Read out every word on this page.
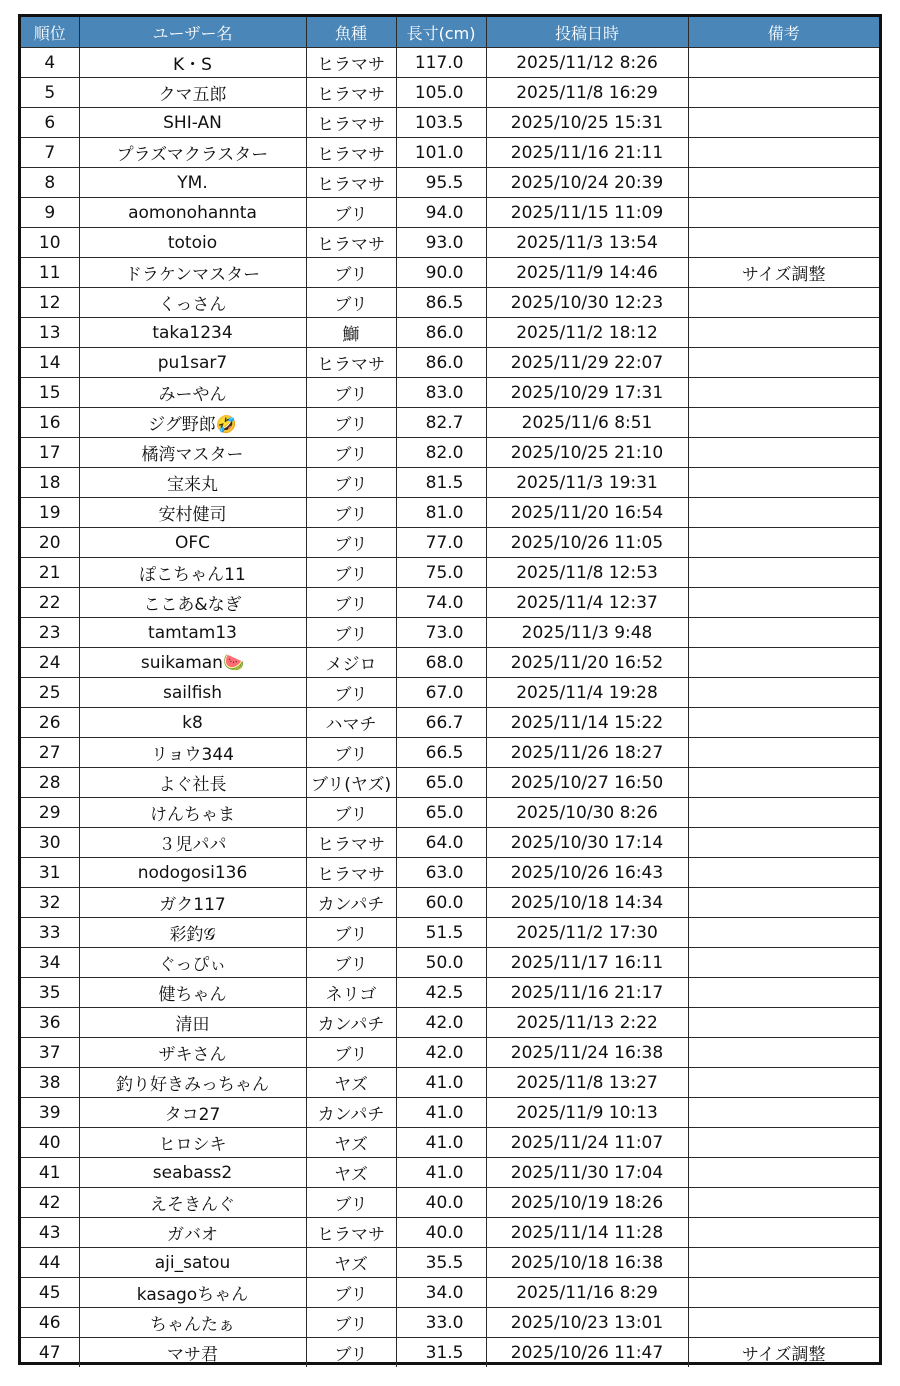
順位	ユーザー名	魚種	長寸(cm)	投稿日時	備考
4	K・S	ヒラマサ	117.0	2025/11/12 8:26	
5	クマ五郎	ヒラマサ	105.0	2025/11/8 16:29	
6	SHI-AN	ヒラマサ	103.5	2025/10/25 15:31	
7	プラズマクラスター	ヒラマサ	101.0	2025/11/16 21:11	
8	YM.	ヒラマサ	95.5	2025/10/24 20:39	
9	aomonohannta	ブリ	94.0	2025/11/15 11:09	
10	totoio	ヒラマサ	93.0	2025/11/3 13:54	
11	ドラケンマスター	ブリ	90.0	2025/11/9 14:46	サイズ調整
12	くっさん	ブリ	86.5	2025/10/30 12:23	
13	taka1234	鰤	86.0	2025/11/2 18:12	
14	pu1sar7	ヒラマサ	86.0	2025/11/29 22:07	
15	みーやん	ブリ	83.0	2025/10/29 17:31	
16	ジグ野郎🤣	ブリ	82.7	2025/11/6 8:51	
17	橘湾マスター	ブリ	82.0	2025/10/25 21:10	
18	宝来丸	ブリ	81.5	2025/11/3 19:31	
19	安村健司	ブリ	81.0	2025/11/20 16:54	
20	OFC	ブリ	77.0	2025/10/26 11:05	
21	ぽこちゃん11	ブリ	75.0	2025/11/8 12:53	
22	ここあ&なぎ	ブリ	74.0	2025/11/4 12:37	
23	tamtam13	ブリ	73.0	2025/11/3 9:48	
24	suikaman🍉	メジロ	68.0	2025/11/20 16:52	
25	sailfish	ブリ	67.0	2025/11/4 19:28	
26	k8	ハマチ	66.7	2025/11/14 15:22	
27	リョウ344	ブリ	66.5	2025/11/26 18:27	
28	よぐ社長	ブリ(ヤズ)	65.0	2025/10/27 16:50	
29	けんちゃま	ブリ	65.0	2025/10/30 8:26	
30	３児パパ	ヒラマサ	64.0	2025/10/30 17:14	
31	nodogosi136	ヒラマサ	63.0	2025/10/26 16:43	
32	ガク117	カンパチ	60.0	2025/10/18 14:34	
33	彩釣𝒢	ブリ	51.5	2025/11/2 17:30	
34	ぐっぴぃ	ブリ	50.0	2025/11/17 16:11	
35	健ちゃん	ネリゴ	42.5	2025/11/16 21:17	
36	清田	カンパチ	42.0	2025/11/13 2:22	
37	ザキさん	ブリ	42.0	2025/11/24 16:38	
38	釣り好きみっちゃん	ヤズ	41.0	2025/11/8 13:27	
39	タコ27	カンパチ	41.0	2025/11/9 10:13	
40	ヒロシキ	ヤズ	41.0	2025/11/24 11:07	
41	seabass2	ヤズ	41.0	2025/11/30 17:04	
42	えそきんぐ	ブリ	40.0	2025/10/19 18:26	
43	ガバオ	ヒラマサ	40.0	2025/11/14 11:28	
44	aji_satou	ヤズ	35.5	2025/10/18 16:38	
45	kasagoちゃん	ブリ	34.0	2025/11/16 8:29	
46	ちゃんたぁ	ブリ	33.0	2025/10/23 13:01	
47	マサ君	ブリ	31.5	2025/10/26 11:47	サイズ調整
